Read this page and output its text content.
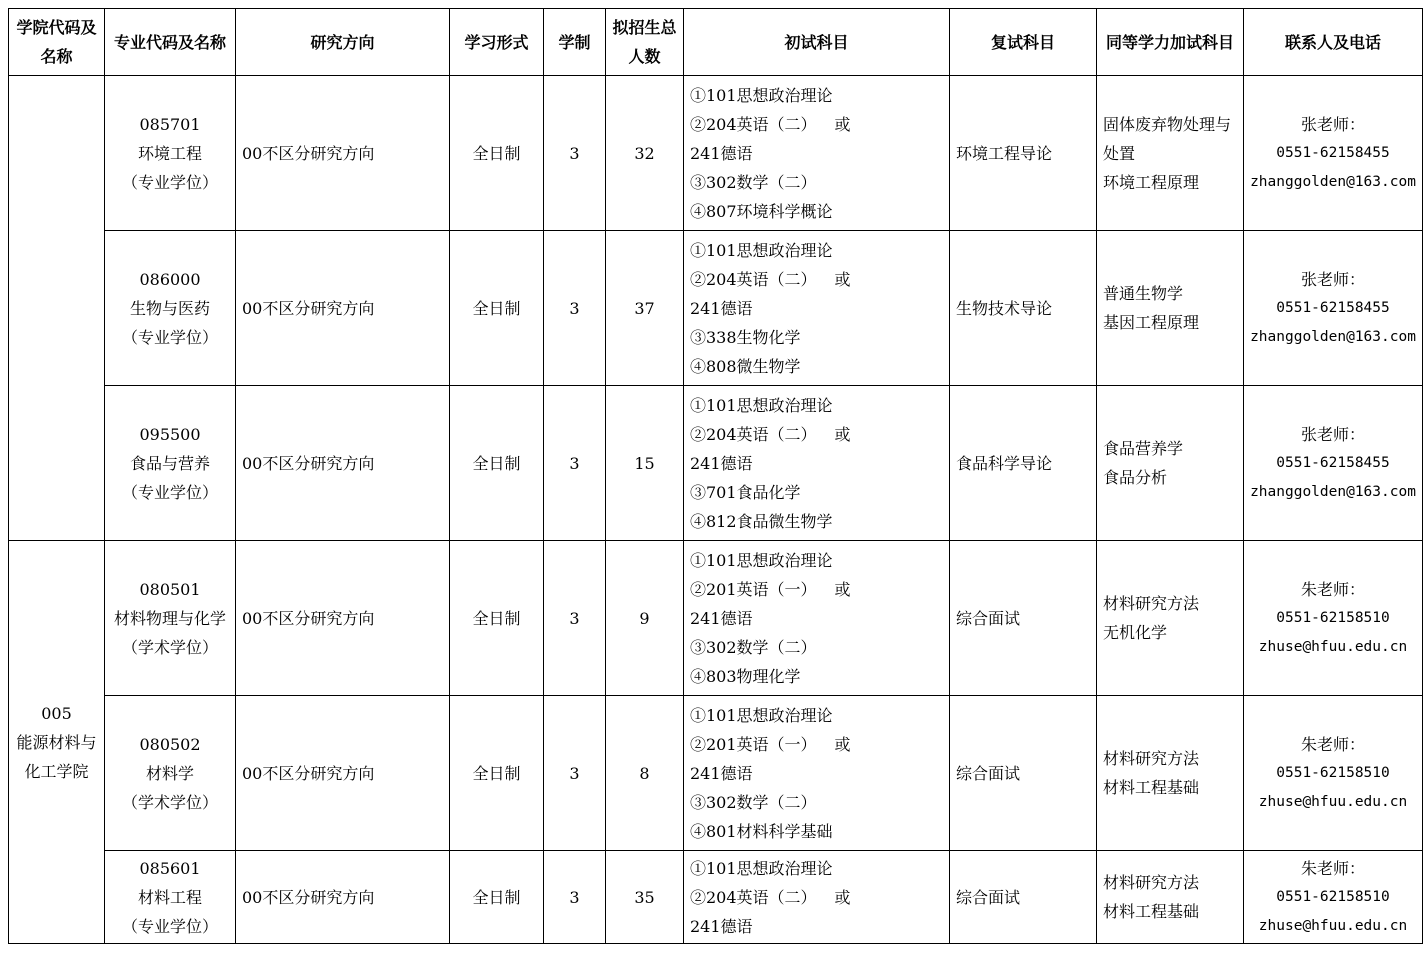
学院代码及名称	专业代码及名称	研究方向	学习形式	学制	拟招生总人数	初试科目	复试科目	同等学力加试科目	联系人及电话

	085701
环境工程
（专业学位）	00不区分研究方向	全日制	3	32	①101思想政治理论
②204英语（二） 或
241德语
③302数学（二）
④807环境科学概论	环境工程导论	固体废弃物处理与处置
环境工程原理	张老师：
0551-62158455
zhanggolden@163.com

	086000
生物与医药
（专业学位）	00不区分研究方向	全日制	3	37	①101思想政治理论
②204英语（二） 或
241德语
③338生物化学
④808微生物学	生物技术导论	普通生物学
基因工程原理	张老师：
0551-62158455
zhanggolden@163.com

	095500
食品与营养
（专业学位）	00不区分研究方向	全日制	3	15	①101思想政治理论
②204英语（二） 或
241德语
③701食品化学
④812食品微生物学	食品科学导论	食品营养学
食品分析	张老师：
0551-62158455
zhanggolden@163.com

005
能源材料与化工学院	080501
材料物理与化学
（学术学位）	00不区分研究方向	全日制	3	9	①101思想政治理论
②201英语（一） 或
241德语
③302数学（二）
④803物理化学	综合面试	材料研究方法
无机化学	朱老师：
0551-62158510
zhuse@hfuu.edu.cn

	080502
材料学
（学术学位）	00不区分研究方向	全日制	3	8	①101思想政治理论
②201英语（一） 或
241德语
③302数学（二）
④801材料科学基础	综合面试	材料研究方法
材料工程基础	朱老师：
0551-62158510
zhuse@hfuu.edu.cn

	085601
材料工程
（专业学位）	00不区分研究方向	全日制	3	35	①101思想政治理论
②204英语（二） 或
241德语	综合面试	材料研究方法
材料工程基础	朱老师：
0551-62158510
zhuse@hfuu.edu.cn
